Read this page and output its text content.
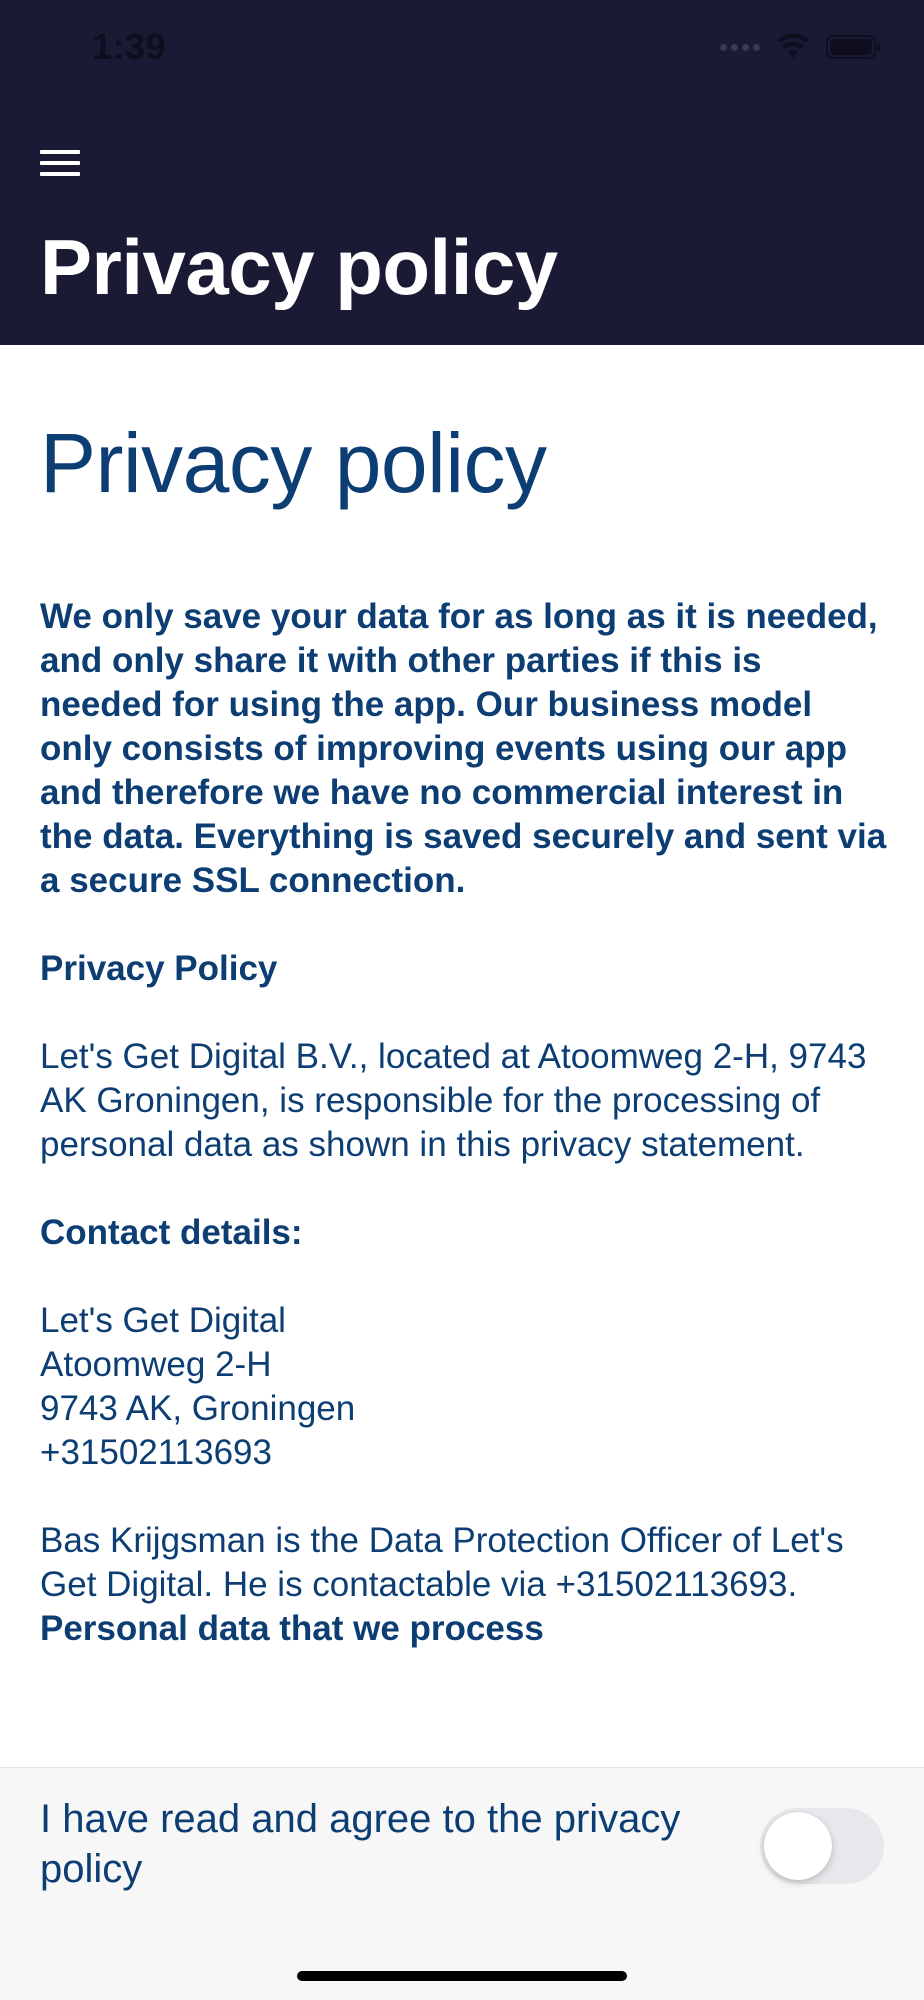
1:39
Privacy policy
Privacy policy

We only save your data for as long as it is needed, and only share it with other parties if this is needed for using the app. Our business model only consists of improving events using our app and therefore we have no commercial interest in the data. Everything is saved securely and sent via a secure SSL connection.

Privacy Policy

Let's Get Digital B.V., located at Atoomweg 2-H, 9743 AK Groningen, is responsible for the processing of personal data as shown in this privacy statement.

Contact details:

Let's Get Digital

Atoomweg 2-H

9743 AK, Groningen

+31502113693

Bas Krijgsman is the Data Protection Officer of Let's Get Digital. He is contactable via +31502113693.

Personal data that we process

I have read and agree to the privacy policy
